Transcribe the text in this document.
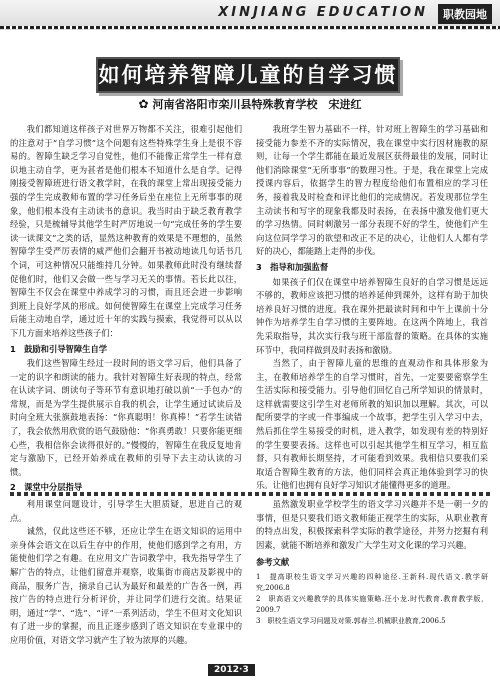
XINJIANG EDUCATION	职教园地
如何培养智障儿童的自学习惯
✿ 河南省洛阳市栾川县特殊教育学校　宋进红

我们都知道这样孩子对世界万物都不关注，很难引起他们的注意对于“自学习惯”这个问题有这些特殊学生身上是很不容易的。智障生缺乏学习自觉性，他们不能像正常学生一样有意识地主动自学，更为甚者是他们根本不知道什么是自学。记得刚接受智障班进行语文教学时，在我的课堂上常出现接受能力强的学生完成教师布置的学习任务后坐在座位上无所事事的现象，他们根本没有主动读书的意识。我当时由于缺乏教育教学经验，只是梳辅导其他学生时严厉地说一句“完成任务的学生要读一读课文”之类的话，显然这种教育的效果是不理想的，虽然智障学生受严厉表情的威严他们会翻开书被动地读几句话书几个词，可这种情况只能维持几分钟。如果教师此时没有继续督促他们时，他们又会做一些与学习无关的事情。若长此以往，智障生不仅会在课堂中养成学习的习惯，而且还会进一步影响到班上良好学风的形成。如何使智障生在课堂上完成学习任务后能主动地自学，通过近十年的实践与摸索，我觉得可以从以下几方面来培养这些孩子们：

1　鼓励和引导智障生自学

我们这些智障生经过一段时间的语文学习后，他们具备了一定的识字和朗读的能力。我针对智障生好表现的特点，经常在认读字词、朗读句子等环节有意识地打破以前“一手包办”的常规，而是为学生提供展示自我的机会，让学生通过试读后及时向全班大张旗鼓地表扬：“你真聪明！你真棒！”若学生读错了，我会依然用欣赏的语气鼓励他：“你真勇敢！只要你能更细心些，我相信你会读得很好的。”慢慢的，智障生在我反复地肯定与激励下，已经开始养成在教师的引导下去主动认读的习惯。

2　课堂中分层指导

我班学生智力基础不一样，针对班上智障生的学习基础和接受能力参差不齐的实际情况，我在课堂中实行因材施教的原则，让每一个学生都能在最近发展区获得最佳的发展，同时让他们消除课堂“无所事事”的数理习性。于是，我在课堂上完成授课内容后，依据学生的智力程度给他们布置相应的学习任务，接着我及时检查和评比他们的完成情况。若发现那位学生主动读书和写字的现象我都及时表扬，在表扬中激发他们更大的学习热情。同时刺激另一部分表现不好的学生，使他们产生向这位同学学习的欲望和改正不足的决心，让他们人人都有学好的决心，都能踏上走得的步伐。

3　指导和加强监督

如果孩子们仅在课堂中培养智障生良好的自学习惯是远远不够的，教师应该把习惯的培养延伸到课外，这样有助于加快培养良好习惯的进度。我在课外把最读时间和中午上课前十分钟作为培养学生自学习惯的主要阵地。在这两个阵地上，我首先采取指导，其次实行我与班干部监督的策略。在具体的实施环节中，我同样做到及时表扬和激励。

当然了，由于智障儿童的思维的直观动作和具体形象为主，在教师培养学生的自学习惯时，首先，一定要要密察学生生活实际和接受能力。引导他们回忆自己所学知识的情景时，这样就需要这引学生对老师所教的知识加以理解。其次，可以配所要学的字或一件事编成一个故事，把学生引入学习中去，然后抓住学生易接受的时机，进入教学，如发现有差的特别好的学生要要表扬。这样也可以引起其他学生相互学习，相互监督，只有教师长期坚持，才可能看到效果。我相信只要我们采取适合智障生教育的方法，他们同样会真正地体验到学习的快乐。让他们也拥有良好学习知识才能懂得更多的道理。

利用课堂问题设计，引导学生大胆质疑，思进自己的观点。

诚然，仅此这些还不够，还应让学生在语文知识的运用中亲身体会语文在以后生存中的作用，使他们感到学之有用，方能使他们学之有趣。在应用文广告词教学中，我先指导学生了解广告的特点，让他们留意并观察，收集街市商店及影视中的商品，服务广告，摘录自己认为最好和最差的广告各一例，再按广告的特点进行分析评价，并让同学们进行交流。结果证明，通过“学”、“选”、“评”一系列活动，学生不但对文化知识有了进一步的掌握，而且正逐步感到了语文知识在专业课中的应用价值，对语文学习就产生了较为浓厚的兴趣。

虽然激发职业学校学生的语文学习兴趣并不是一朝一夕的事情，但是只要我们语文教师能正视学生的实际，从职业教育的特点出发，积极探索科学实际的教学途径，并努力挖掘有利因素，就能不断培养和激发广大学生对文化课的学习兴趣。

参考文献

1　提高职校生语文学习兴趣的四种途径.王新科.现代语文.教学研究,2006.8

2　职高语文兴趣教学的具体实施策略.汪小龙.时代教育.教育教学版，2009.7

3　职校生语文学习问题及对策.郭春兰.机械职业教育,2006.5

2012·3
